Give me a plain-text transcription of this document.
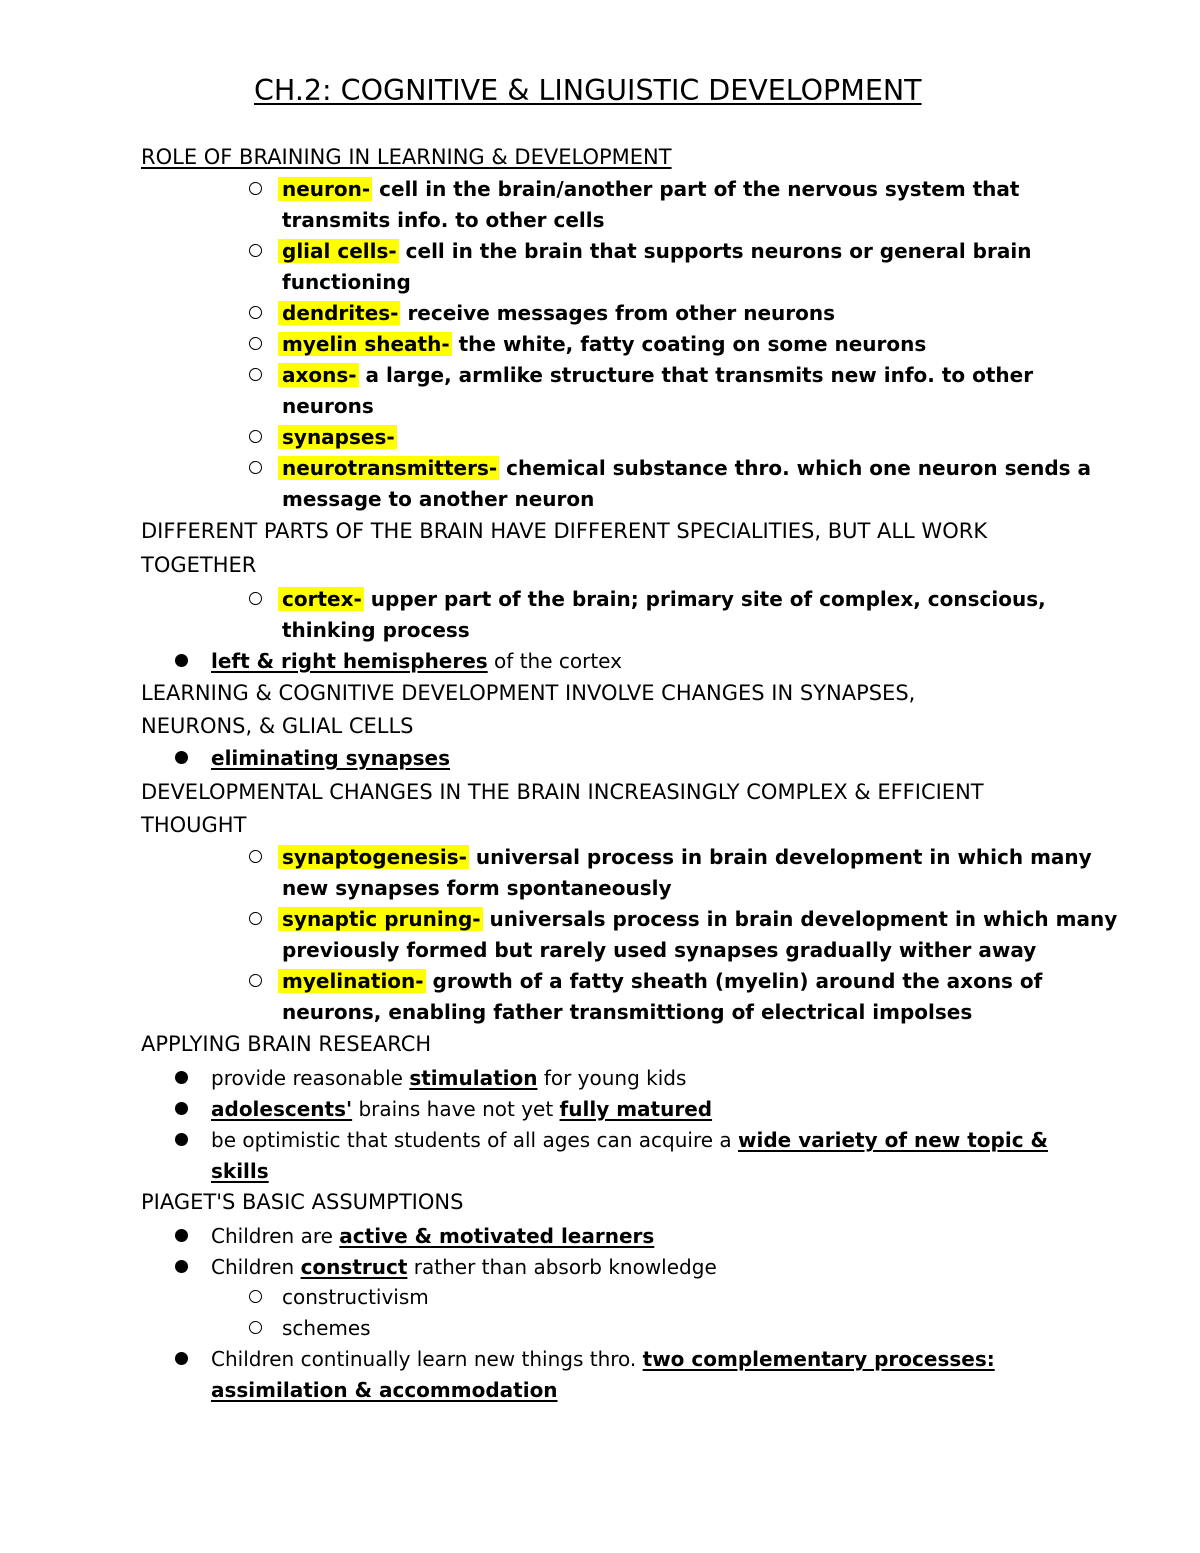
CH.2: COGNITIVE & LINGUISTIC DEVELOPMENT
ROLE OF BRAINING IN LEARNING & DEVELOPMENT
neuron- cell in the brain/another part of the nervous system that
transmits info. to other cells
glial cells- cell in the brain that supports neurons or general brain
functioning
dendrites- receive messages from other neurons
myelin sheath- the white, fatty coating on some neurons
axons- a large, armlike structure that transmits new info. to other
neurons
synapses-
neurotransmitters- chemical substance thro. which one neuron sends a
message to another neuron
DIFFERENT PARTS OF THE BRAIN HAVE DIFFERENT SPECIALITIES, BUT ALL WORK
TOGETHER
cortex- upper part of the brain; primary site of complex, conscious,
thinking process
left & right hemispheres of the cortex
LEARNING & COGNITIVE DEVELOPMENT INVOLVE CHANGES IN SYNAPSES,
NEURONS, & GLIAL CELLS
eliminating synapses
DEVELOPMENTAL CHANGES IN THE BRAIN INCREASINGLY COMPLEX & EFFICIENT
THOUGHT
synaptogenesis- universal process in brain development in which many
new synapses form spontaneously
synaptic pruning- universals process in brain development in which many
previously formed but rarely used synapses gradually wither away
myelination- growth of a fatty sheath (myelin) around the axons of
neurons, enabling father transmittiong of electrical impolses
APPLYING BRAIN RESEARCH
provide reasonable stimulation for young kids
adolescents' brains have not yet fully matured
be optimistic that students of all ages can acquire a wide variety of new topic &
skills
PIAGET'S BASIC ASSUMPTIONS
Children are active & motivated learners
Children construct rather than absorb knowledge
constructivism
schemes
Children continually learn new things thro. two complementary processes:
assimilation & accommodation
